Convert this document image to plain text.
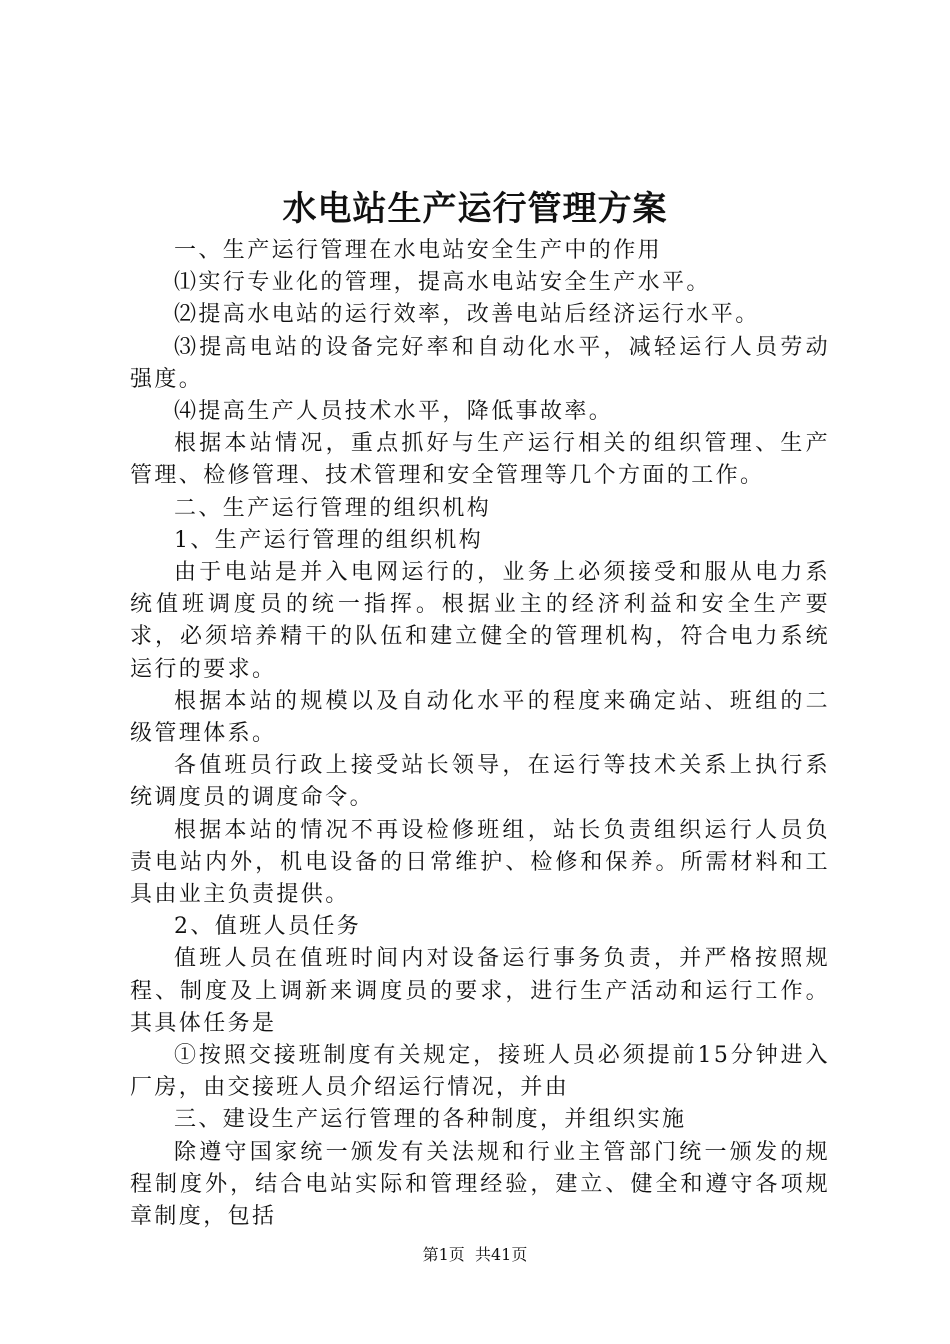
水电站生产运行管理方案

一、生产运行管理在水电站安全生产中的作用

⑴实行专业化的管理，提高水电站安全生产水平。

⑵提高水电站的运行效率，改善电站后经济运行水平。

⑶提高电站的设备完好率和自动化水平，减轻运行人员劳动强度。

⑷提高生产人员技术水平，降低事故率。

根据本站情况，重点抓好与生产运行相关的组织管理、生产管理、检修管理、技术管理和安全管理等几个方面的工作。

二、生产运行管理的组织机构

1、生产运行管理的组织机构

由于电站是并入电网运行的，业务上必须接受和服从电力系统值班调度员的统一指挥。根据业主的经济利益和安全生产要求，必须培养精干的队伍和建立健全的管理机构，符合电力系统运行的要求。

根据本站的规模以及自动化水平的程度来确定站、班组的二级管理体系。

各值班员行政上接受站长领导，在运行等技术关系上执行系统调度员的调度命令。

根据本站的情况不再设检修班组，站长负责组织运行人员负责电站内外，机电设备的日常维护、检修和保养。所需材料和工具由业主负责提供。

2、值班人员任务

值班人员在值班时间内对设备运行事务负责，并严格按照规程、制度及上调新来调度员的要求，进行生产活动和运行工作。其具体任务是

①按照交接班制度有关规定，接班人员必须提前15分钟进入厂房，由交接班人员介绍运行情况，并由

三、建设生产运行管理的各种制度，并组织实施

除遵守国家统一颁发有关法规和行业主管部门统一颁发的规程制度外，结合电站实际和管理经验，建立、健全和遵守各项规章制度，包括

第1页 共41页
